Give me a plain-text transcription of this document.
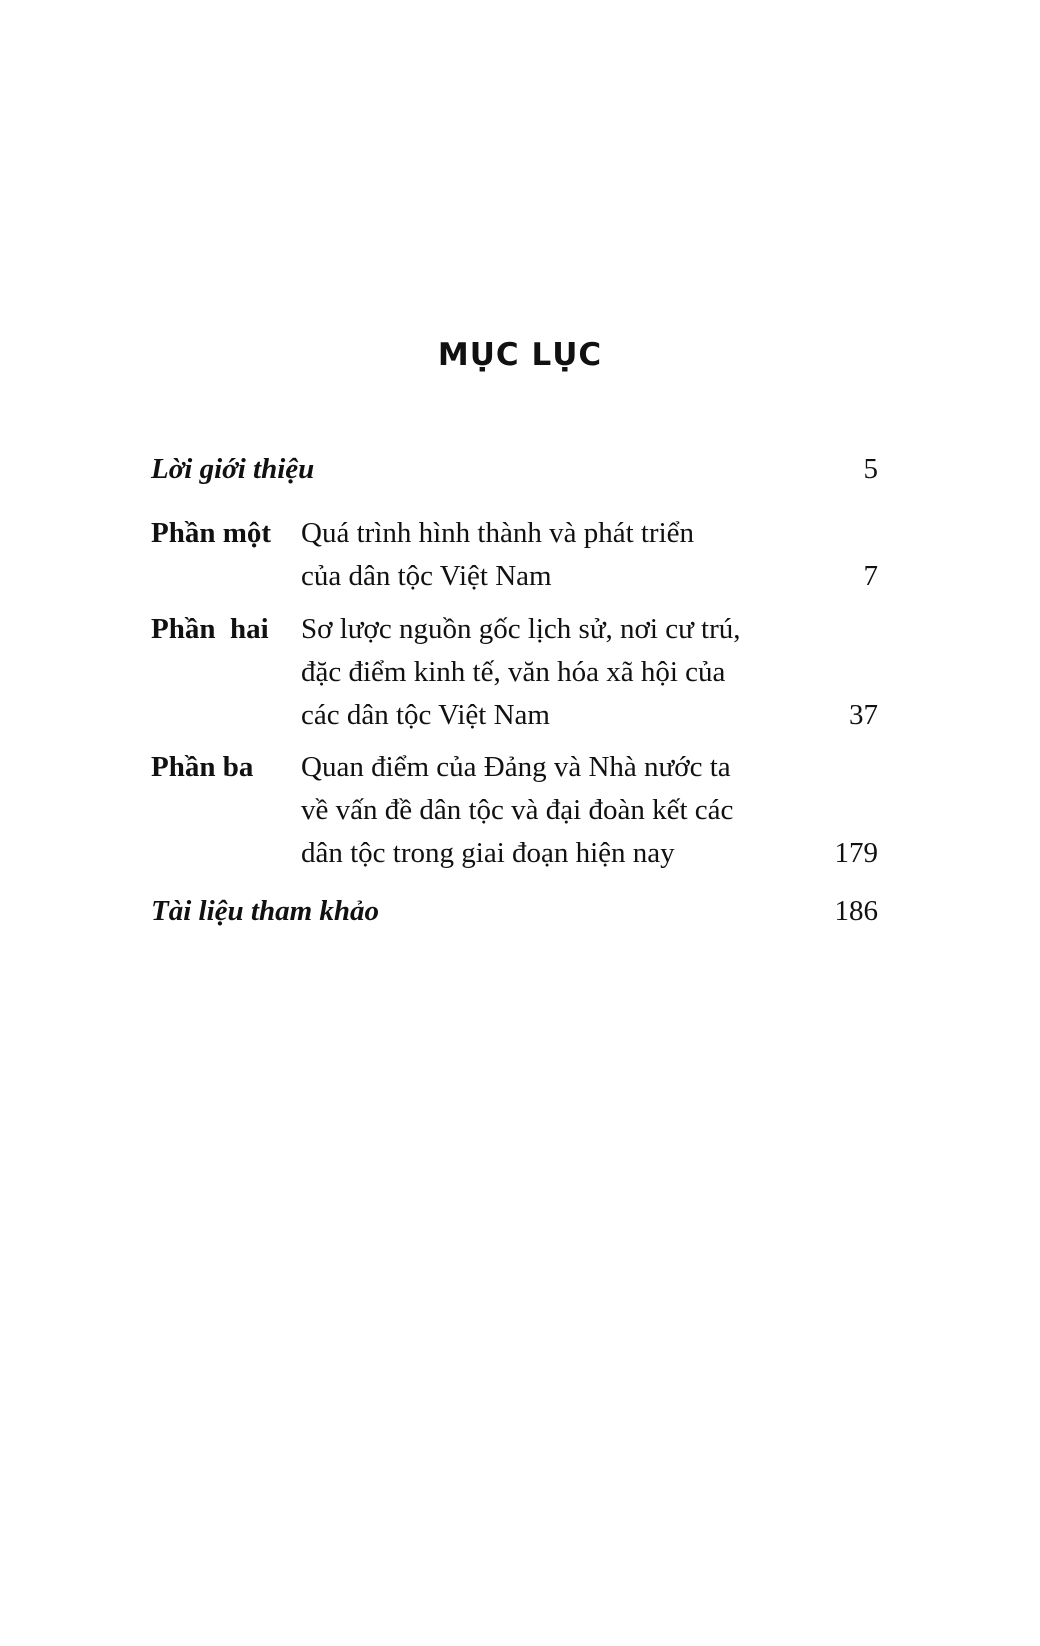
MỤC LỤC
Lời giới thiệu	5
Phần một Quá trình hình thành và phát triển
của dân tộc Việt Nam	7
Phần  hai Sơ lược nguồn gốc lịch sử, nơi cư trú,
đặc điểm kinh tế, văn hóa xã hội của
các dân tộc Việt Nam	37
Phần ba Quan điểm của Đảng và Nhà nước ta
về vấn đề dân tộc và đại đoàn kết các
dân tộc trong giai đoạn hiện nay	179
Tài liệu tham khảo	186
